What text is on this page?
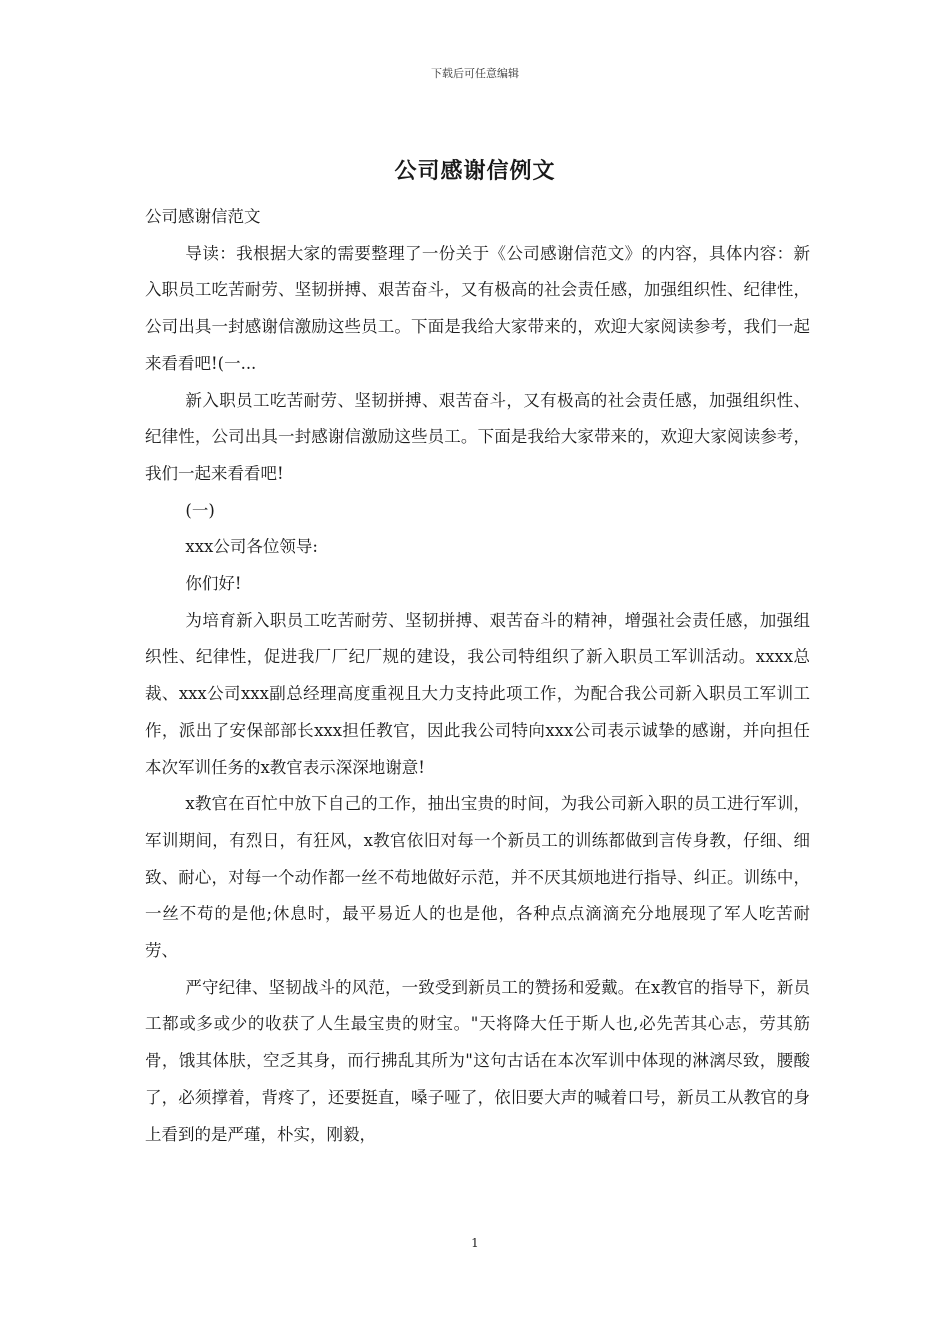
下载后可任意编辑
公司感谢信例文

公司感谢信范文

导读：我根据大家的需要整理了一份关于《公司感谢信范文》的内容，具体内容：新入职员工吃苦耐劳、坚韧拼搏、艰苦奋斗，又有极高的社会责任感，加强组织性、纪律性，公司出具一封感谢信激励这些员工。下面是我给大家带来的，欢迎大家阅读参考，我们一起来看看吧!(一...

新入职员工吃苦耐劳、坚韧拼搏、艰苦奋斗，又有极高的社会责任感，加强组织性、纪律性，公司出具一封感谢信激励这些员工。下面是我给大家带来的，欢迎大家阅读参考，我们一起来看看吧!

(一)

xxx公司各位领导:

你们好!

为培育新入职员工吃苦耐劳、坚韧拼搏、艰苦奋斗的精神，增强社会责任感，加强组织性、纪律性，促进我厂厂纪厂规的建设，我公司特组织了新入职员工军训活动。xxxx总裁、xxx公司xxx副总经理高度重视且大力支持此项工作，为配合我公司新入职员工军训工作，派出了安保部部长xxx担任教官，因此我公司特向xxx公司表示诚挚的感谢，并向担任本次军训任务的x教官表示深深地谢意!

x教官在百忙中放下自己的工作，抽出宝贵的时间，为我公司新入职的员工进行军训，军训期间，有烈日，有狂风，x教官依旧对每一个新员工的训练都做到言传身教，仔细、细致、耐心，对每一个动作都一丝不苟地做好示范，并不厌其烦地进行指导、纠正。训练中，一丝不苟的是他;休息时，最平易近人的也是他，各种点点滴滴充分地展现了军人吃苦耐劳、

严守纪律、坚韧战斗的风范，一致受到新员工的赞扬和爱戴。在x教官的指导下，新员工都或多或少的收获了人生最宝贵的财宝。"天将降大任于斯人也,必先苦其心志，劳其筋骨，饿其体肤，空乏其身，而行拂乱其所为"这句古话在本次军训中体现的淋漓尽致，腰酸了，必须撑着，背疼了，还要挺直，嗓子哑了，依旧要大声的喊着口号，新员工从教官的身上看到的是严瑾，朴实，刚毅，

1
